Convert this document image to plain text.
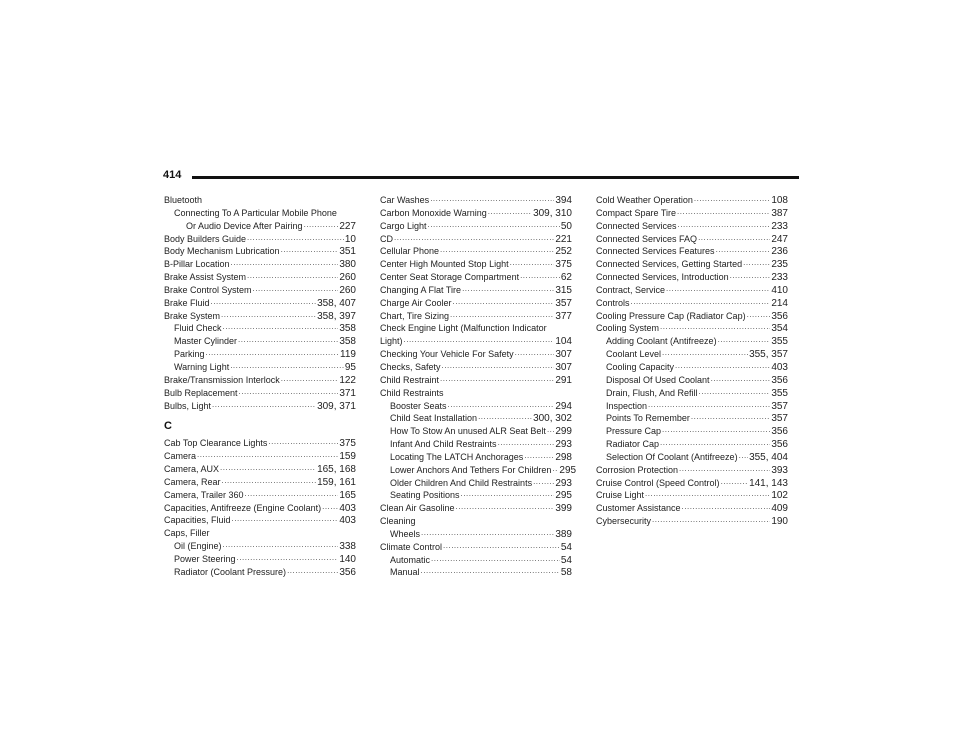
414
Bluetooth
Connecting To A Particular Mobile Phone
Or Audio Device After Pairing .....	227
Body Builders Guide .....	10
Body Mechanism Lubrication .....	351
B-Pillar Location .....	380
Brake Assist System .....	260
Brake Control System .....	260
Brake Fluid .....	358, 407
Brake System .....	358, 397
Fluid Check .....	358
Master Cylinder .....	358
Parking .....	119
Warning Light .....	95
Brake/Transmission Interlock .....	122
Bulb Replacement .....	371
Bulbs, Light .....	309, 371
C
Cab Top Clearance Lights .....	375
Camera .....	159
Camera, AUX .....	165, 168
Camera, Rear .....	159, 161
Camera, Trailer 360 .....	165
Capacities, Antifreeze (Engine Coolant) ..... 403
Capacities, Fluid .....	403
Caps, Filler
Oil (Engine) .....	338
Power Steering .....	140
Radiator (Coolant Pressure) .....	356
Car Washes .....	394
Carbon Monoxide Warning .....	309, 310
Cargo Light .....	50
CD .....	221
Cellular Phone .....	252
Center High Mounted Stop Light .....	375
Center Seat Storage Compartment .....	62
Changing A Flat Tire .....	315
Charge Air Cooler .....	357
Chart, Tire Sizing .....	377
Check Engine Light (Malfunction Indicator
Light) .....	104
Checking Your Vehicle For Safety .....	307
Checks, Safety .....	307
Child Restraint .....	291
Child Restraints
Booster Seats .....	294
Child Seat Installation .....	300, 302
How To Stow An unused ALR Seat Belt ..... 299
Infant And Child Restraints .....	293
Locating The LATCH Anchorages .....	298
Lower Anchors And Tethers For Children ..... 295
Older Children And Child Restraints ..... 293
Seating Positions .....	295
Clean Air Gasoline .....	399
Cleaning
Wheels .....	389
Climate Control .....	54
Automatic .....	54
Manual .....	58
Cold Weather Operation .....	108
Compact Spare Tire .....	387
Connected Services .....	233
Connected Services FAQ .....	247
Connected Services Features .....	236
Connected Services, Getting Started .....	235
Connected Services, Introduction .....	233
Contract, Service .....	410
Controls .....	214
Cooling Pressure Cap (Radiator Cap) .....	356
Cooling System .....	354
Adding Coolant (Antifreeze) .....	355
Coolant Level .....	355, 357
Cooling Capacity .....	403
Disposal Of Used Coolant .....	356
Drain, Flush, And Refill .....	355
Inspection .....	357
Points To Remember .....	357
Pressure Cap .....	356
Radiator Cap .....	356
Selection Of Coolant (Antifreeze) ..... 355, 404
Corrosion Protection .....	393
Cruise Control (Speed Control) .....	141, 143
Cruise Light .....	102
Customer Assistance .....	409
Cybersecurity .....	190
